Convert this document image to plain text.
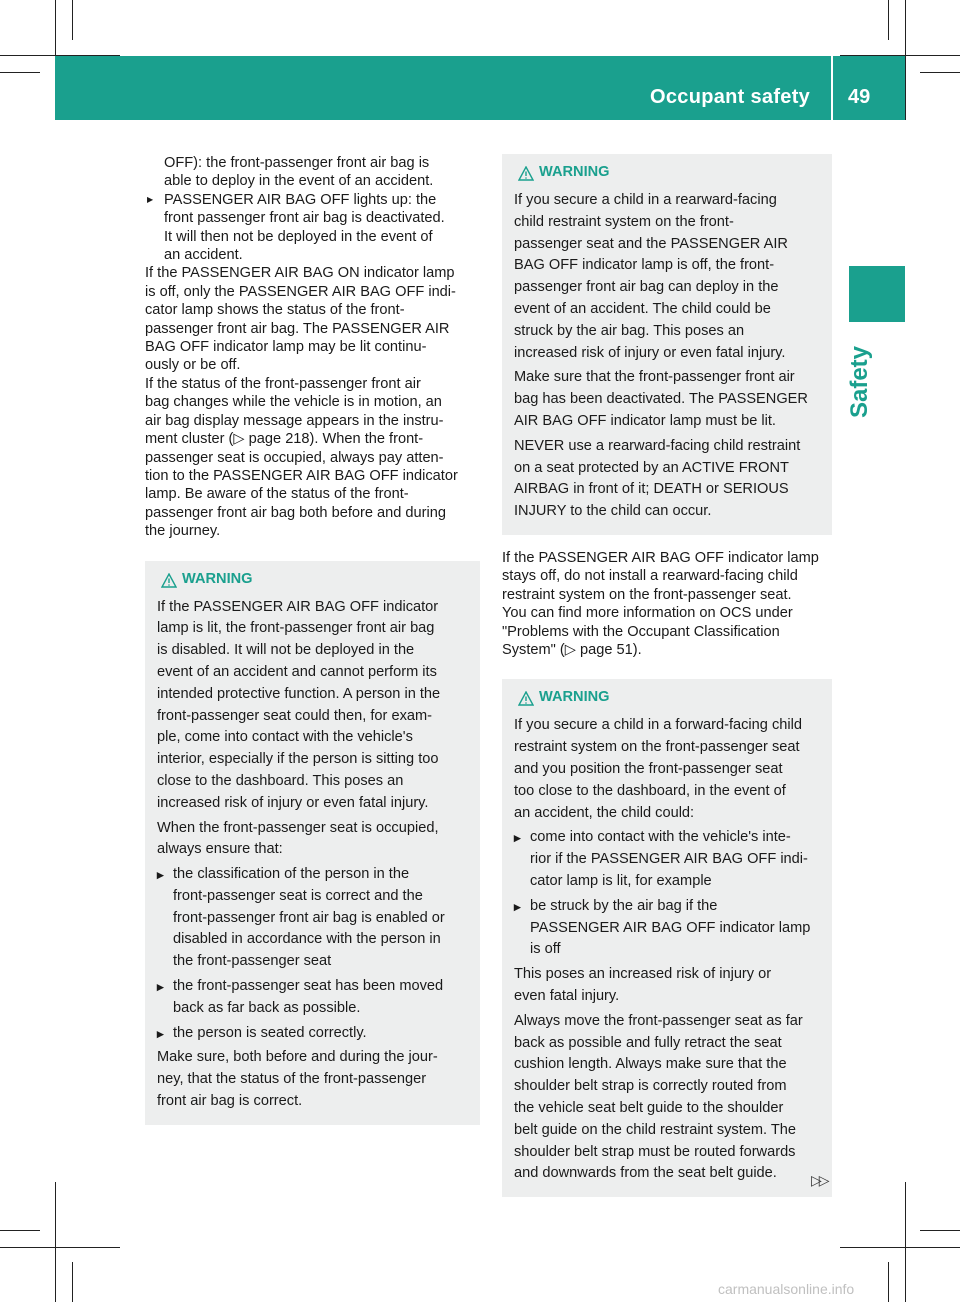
Occupant safety 49
Safety
OFF): the front-passenger front air bag is
able to deploy in the event of an accident.
▶ PASSENGER AIR BAG OFF lights up: the
front passenger front air bag is deactivated.
It will then not be deployed in the event of
an accident.
If the PASSENGER AIR BAG ON indicator lamp
is off, only the PASSENGER AIR BAG OFF indi-
cator lamp shows the status of the front-
passenger front air bag. The PASSENGER AIR
BAG OFF indicator lamp may be lit continu-
ously or be off.
If the status of the front-passenger front air
bag changes while the vehicle is in motion, an
air bag display message appears in the instru-
ment cluster (▷ page 218). When the front-
passenger seat is occupied, always pay atten-
tion to the PASSENGER AIR BAG OFF indicator
lamp. Be aware of the status of the front-
passenger front air bag both before and during
the journey.
WARNING
If the PASSENGER AIR BAG OFF indicator
lamp is lit, the front-passenger front air bag
is disabled. It will not be deployed in the
event of an accident and cannot perform its
intended protective function. A person in the
front-passenger seat could then, for exam-
ple, come into contact with the vehicle's
interior, especially if the person is sitting too
close to the dashboard. This poses an
increased risk of injury or even fatal injury.
When the front-passenger seat is occupied,
always ensure that:
▸ the classification of the person in the
front-passenger seat is correct and the
front-passenger front air bag is enabled or
disabled in accordance with the person in
the front-passenger seat
▸ the front-passenger seat has been moved
back as far back as possible.
▸ the person is seated correctly.
Make sure, both before and during the jour-
ney, that the status of the front-passenger
front air bag is correct.
WARNING
If you secure a child in a rearward-facing
child restraint system on the front-
passenger seat and the PASSENGER AIR
BAG OFF indicator lamp is off, the front-
passenger front air bag can deploy in the
event of an accident. The child could be
struck by the air bag. This poses an
increased risk of injury or even fatal injury.
Make sure that the front-passenger front air
bag has been deactivated. The PASSENGER
AIR BAG OFF indicator lamp must be lit.
NEVER use a rearward-facing child restraint
on a seat protected by an ACTIVE FRONT
AIRBAG in front of it; DEATH or SERIOUS
INJURY to the child can occur.
If the PASSENGER AIR BAG OFF indicator lamp
stays off, do not install a rearward-facing child
restraint system on the front-passenger seat.
You can find more information on OCS under
"Problems with the Occupant Classification
System" (▷ page 51).
WARNING
If you secure a child in a forward-facing child
restraint system on the front-passenger seat
and you position the front-passenger seat
too close to the dashboard, in the event of
an accident, the child could:
▸ come into contact with the vehicle's inte-
rior if the PASSENGER AIR BAG OFF indi-
cator lamp is lit, for example
▸ be struck by the air bag if the
PASSENGER AIR BAG OFF indicator lamp
is off
This poses an increased risk of injury or
even fatal injury.
Always move the front-passenger seat as far
back as possible and fully retract the seat
cushion length. Always make sure that the
shoulder belt strap is correctly routed from
the vehicle seat belt guide to the shoulder
belt guide on the child restraint system. The
shoulder belt strap must be routed forwards
and downwards from the seat belt guide.	▷▷
carmanualsonline.info
